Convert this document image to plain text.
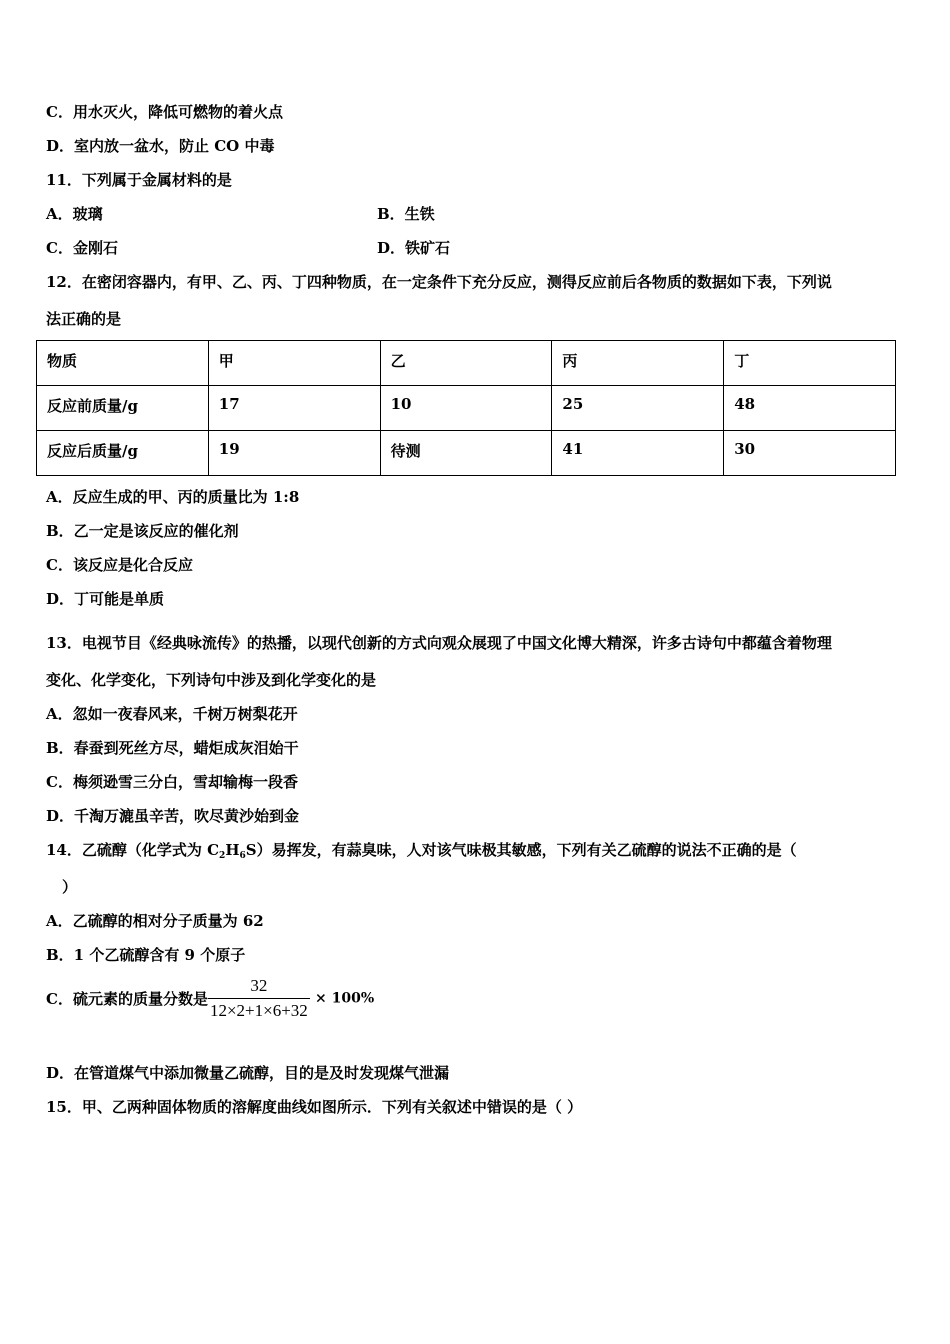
C．用水灭火，降低可燃物的着火点
D．室内放一盆水，防止 CO 中毒
11．下列属于金属材料的是
A．玻璃	B．生铁
C．金刚石	D．铁矿石
12．在密闭容器内，有甲、乙、丙、丁四种物质，在一定条件下充分反应，测得反应前后各物质的数据如下表，下列说
法正确的是
物质	甲	乙	丙	丁
反应前质量/g	17	10	25	48
反应后质量/g	19	待测	41	30
A．反应生成的甲、丙的质量比为 1:8
B．乙一定是该反应的催化剂
C．该反应是化合反应
D．丁可能是单质
13．电视节目《经典咏流传》的热播，以现代创新的方式向观众展现了中国文化博大精深，许多古诗句中都蕴含着物理
变化、化学变化，下列诗句中涉及到化学变化的是
A．忽如一夜春风来，千树万树梨花开
B．春蚕到死丝方尽，蜡炬成灰泪始干
C．梅须逊雪三分白，雪却输梅一段香
D．千淘万漉虽辛苦，吹尽黄沙始到金
14．乙硫醇（化学式为 $C_2H_6S$）易挥发，有蒜臭味，人对该气味极其敏感，下列有关乙硫醇的说法不正确的是（
）
A．乙硫醇的相对分子质量为 62
B．1 个乙硫醇含有 9 个原子
C．硫元素的质量分数是 $\frac{32}{12\times 2+1\times 6+32} \times 100\%$
D．在管道煤气中添加微量乙硫醇，目的是及时发现煤气泄漏
15．甲、乙两种固体物质的溶解度曲线如图所示．下列有关叙述中错误的是（ ）
